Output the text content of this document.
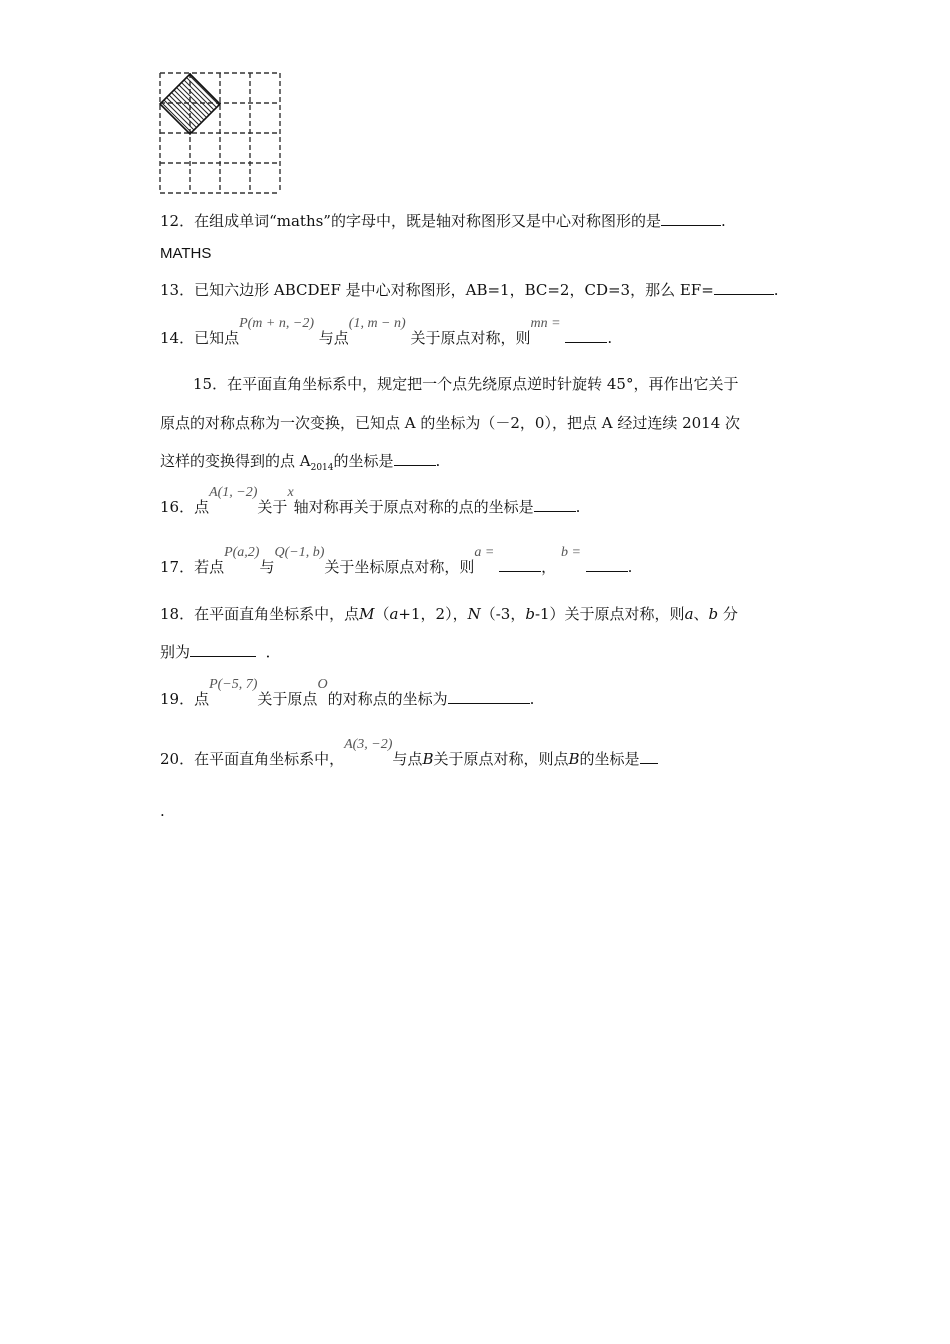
12．在组成单词“maths”的字母中，既是轴对称图形又是中心对称图形的是	.
MATHS
13．已知六边形 ABCDEF 是中心对称图形，AB=1，BC=2，CD=3，那么 EF=	.
14．已知点P(m + n, −2) 与点(1, m − n) 关于原点对称，则mn = .
15．在平面直角坐标系中，规定把一个点先绕原点逆时针旋转 45°，再作出它关于
原点的对称点称为一次变换，已知点 A 的坐标为（－2，0），把点 A 经过连续 2014 次
这样的变换得到的点 $A_{2014}$的坐标是	.
16．点A(1, −2)关于x轴对称再关于原点对称的点的坐标是	.
17．若点P(a,2)与Q(−1, b)关于坐标原点对称，则a = ， b = .
18．在平面直角坐标系中，点M（a+1，2），N（-3，b-1）关于原点对称，则a、b 分
别为	．
19．点P(−5, 7)关于原点O的对称点的坐标为	.
20．在平面直角坐标系中，A(3, −2)与点B关于原点对称，则点B的坐标是
.
